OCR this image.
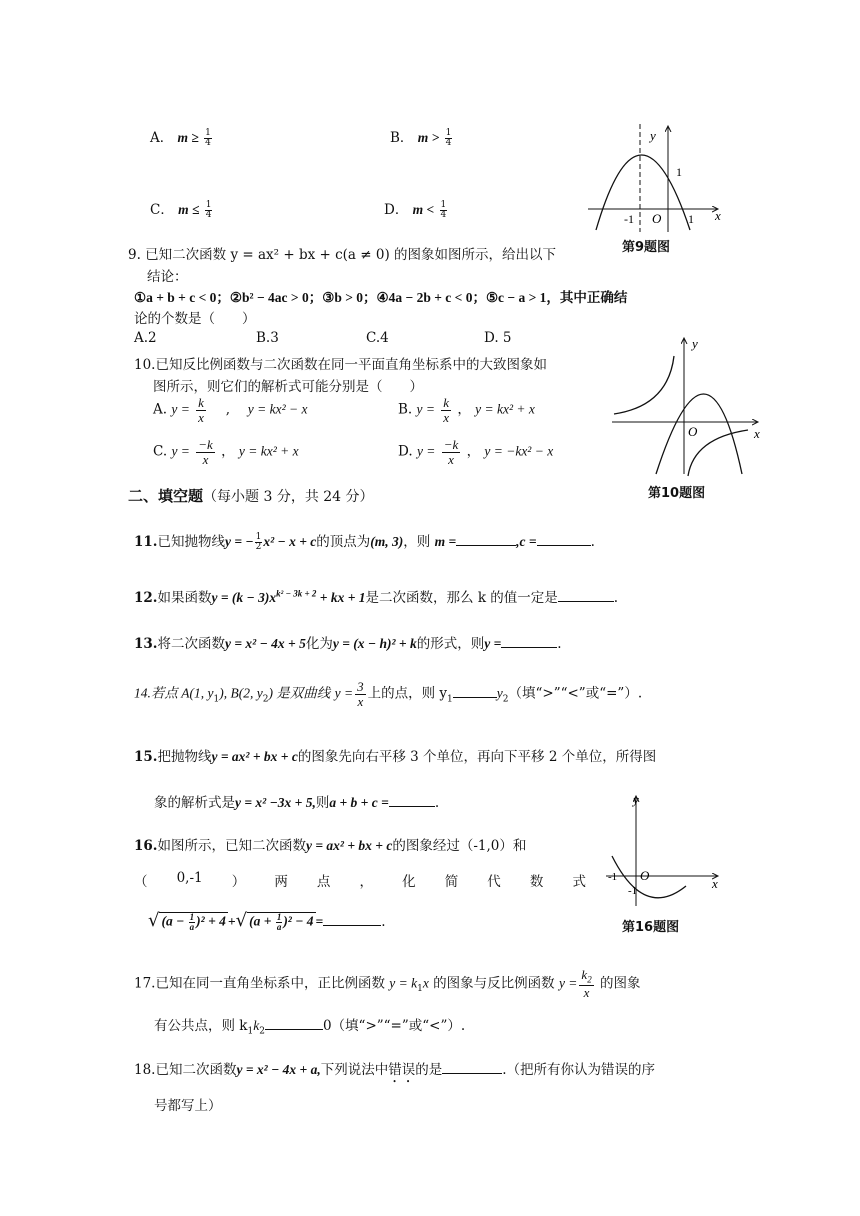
A． $m \ge \frac{1}{4}$	B． $m > \frac{1}{4}$
C． $m \le \frac{1}{4}$	D． $m < \frac{1}{4}$
y
x
O
-1	1
1
第9题图
9. 已知二次函数 y = ax² + bx + c(a ≠ 0) 的图象如图所示，给出以下
结论：
①a + b + c < 0；②b² − 4ac > 0；③b > 0；④4a − 2b + c < 0；⑤c − a > 1，其中正确结
论的个数是（　　）
A.2	B.3	C.4	D. 5	y
x
O
第10题图
10.已知反比例函数与二次函数在同一平面直角坐标系中的大致图象如
图所示，则它们的解析式可能分别是（　　）
A. $y = \frac{k}{x}$ 　,　 y = kx² − x	B. $y = \frac{k}{x}$ ， y = kx² + x
C. $y = \frac{-k}{x}$ ， y = kx² + x	D. $y = \frac{-k}{x}$ ， y = −kx² − x
二、填空题（每小题 3 分，共 24 分）
11.已知抛物线y = − $\frac{1}{2} x^2 - x + c$的顶点为(m, 3)，则 m =	,c =	.
12.如果函数$y = (k - 3)x^{k^2 - 3k + 2}$ + kx + 1是二次函数，那么 k 的值一定是	.
13.将二次函数y = x² − 4x + 5化为y = (x − h)² + k的形式，则y =	.
14.若点 A(1, $y_1$), B(2, $y_2$) 是双曲线 $y = \frac{3}{x}$ 上的点，则 $y_1$	$y_2$（填“>”“<”或“=”）.
15.把抛物线y = ax² + bx + c的图象先向右平移 3 个单位，再向下平移 2 个单位，所得图
象的解析式是y = x² −3x + 5,则a + b + c =	.	y
x
O
-1
-1
第16题图
16.如图所示，已知二次函数y = ax² + bx + c的图象经过（-1,0）和
（ 0,-1 ） 两 点 ， 化 简 代 数 式
√ $(a - \frac{1}{a} )^2 + 4$ +√ $(a + \frac{1}{a} )^2 - 4$ =	.
17.已知在同一直角坐标系中，正比例函数 $y = k_1x$ 的图象与反比例函数 $y = \frac{k_2}{x}$ 的图象
有公共点，则 $k_1k_2$	0（填“>”“=”或“<”）.
18.已知二次函数y = x² − 4x + a,下列说法中错误的是	.（把所有你认为错误的序
号都写上）
